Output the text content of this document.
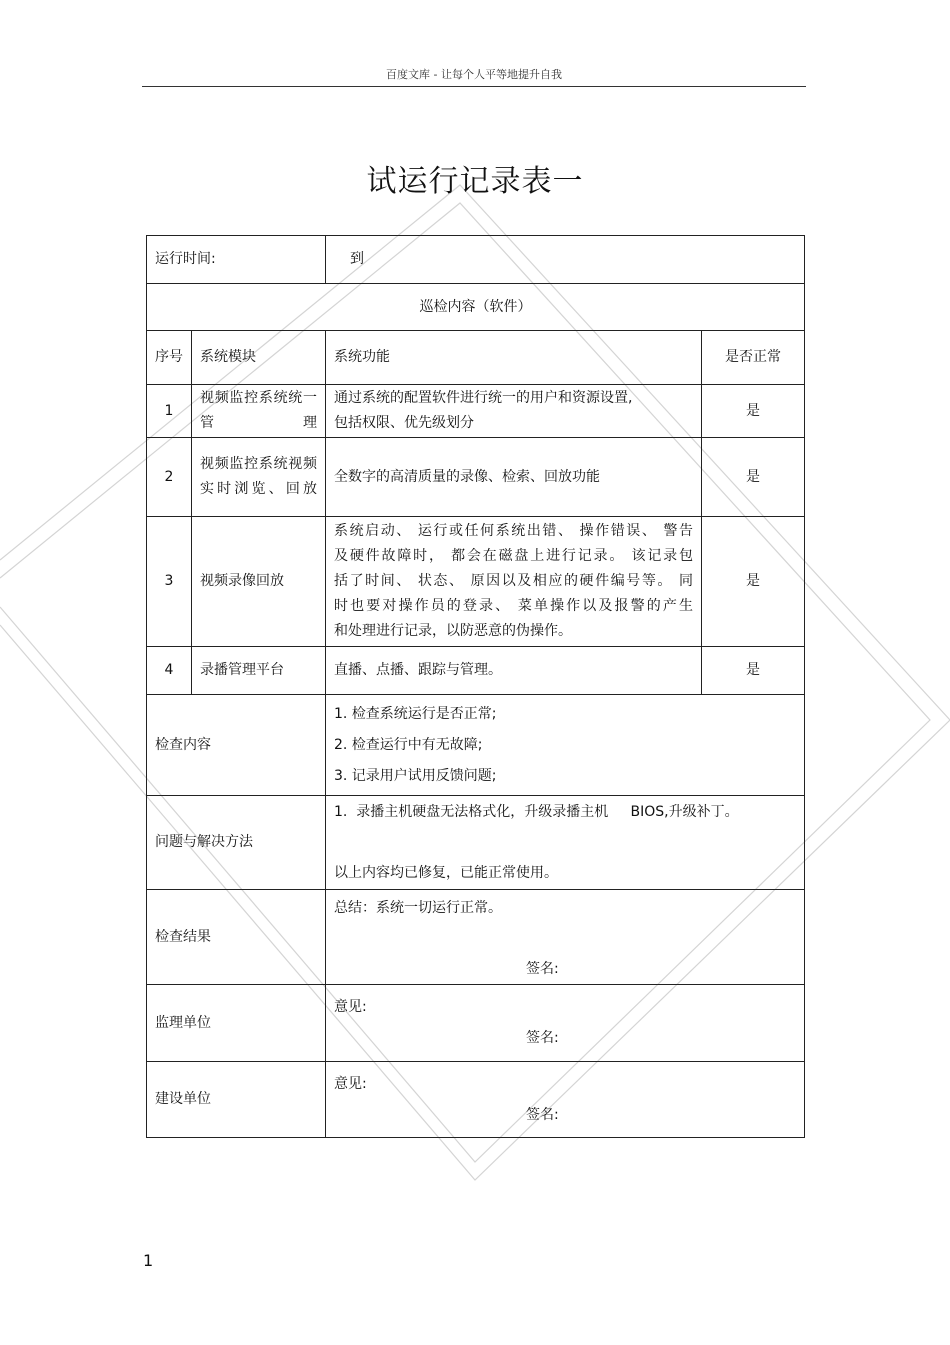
百度文库 - 让每个人平等地提升自我
试运行记录表一
运行时间:		到	
巡检内容（软件）			
序号	系统模块	系统功能	是否正常
1	视频监控系统统一管理	通过系统的配置软件进行统一的用户和资源设置,
包括权限、优先级划分	是
2	视频监控系统视频实时浏览、回放	全数字的高清质量的录像、检索、回放功能	是
3	视频录像回放	系统启动、 运行或任何系统出错、 操作错误、 警告
及硬件故障时， 都会在磁盘上进行记录。 该记录包
括了时间、 状态、 原因以及相应的硬件编号等。 同
时也要对操作员的登录、 菜单操作以及报警的产生
和处理进行记录，以防恶意的伪操作。	是
4	录播管理平台	直播、点播、跟踪与管理。	是
检查内容		1. 检查系统运行是否正常;
2. 检查运行中有无故障;
3. 记录用户试用反馈问题;	

问题与解决方法		1.  录播主机硬盘无法格式化，升级录播主机     BIOS,升级补丁。
以上内容均已修复，已能正常使用。	

检查结果		总结：系统一切运行正常。
签名:	

监理单位		意见:
签名:	

建设单位		意见:
签名:	
1
